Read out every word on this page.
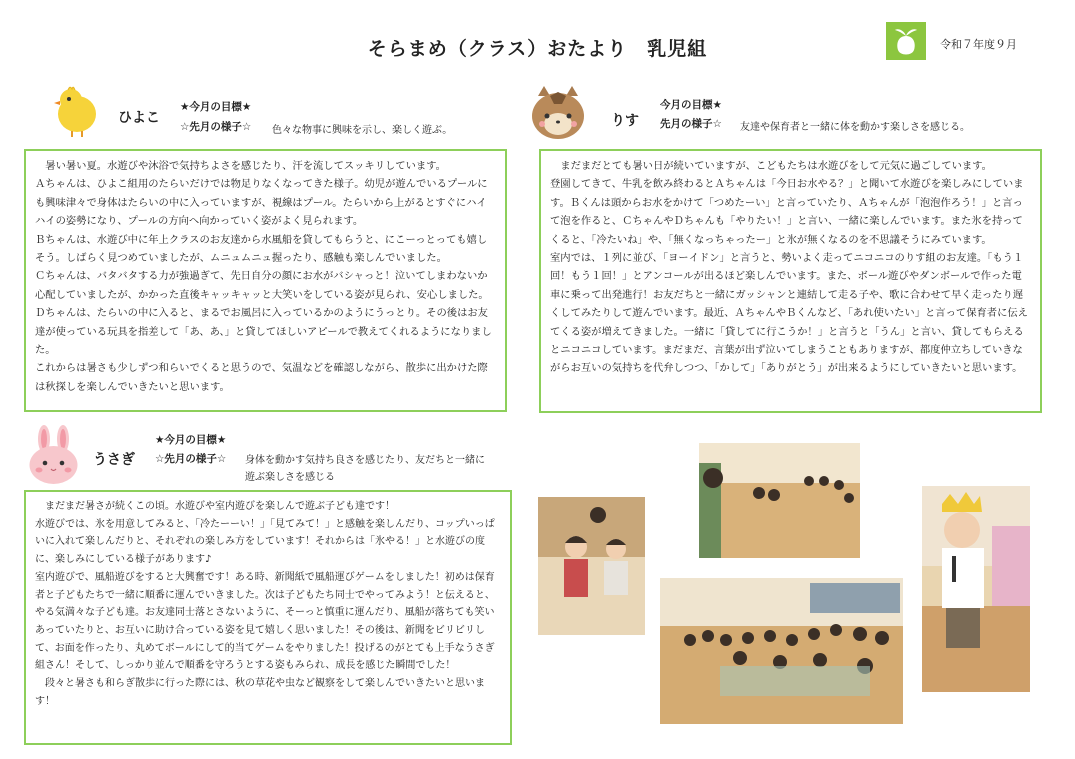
そらまめ（クラス）おたより　乳児組	令和７年度９月
ひよこ
★今月の目標★
☆先月の様子☆ 色々な物事に興味を示し、楽しく遊ぶ。

　暑い暑い夏。水遊びや沐浴で気持ちよさを感じたり、汗を流してスッキリしています。

Ａちゃんは、ひよこ組用のたらいだけでは物足りなくなってきた様子。幼児が遊んでいるプールにも興味津々で身体はたらいの中に入っていますが、視線はプール。たらいから上がるとすぐにハイハイの姿勢になり、プールの方向へ向かっていく姿がよく見られます。

Ｂちゃんは、水遊び中に年上クラスのお友達から水風船を貸してもらうと、にこーっとっても嬉しそう。しばらく見つめていましたが、ムニュムニュ握ったり、感触も楽しんでいました。

Ｃちゃんは、バタバタする力が強過ぎて、先日自分の顔にお水がバシャっと！泣いてしまわないか心配していましたが、かかった直後キャッキャッと大笑いをしている姿が見られ、安心しました。

Ｄちゃんは、たらいの中に入ると、まるでお風呂に入っているかのようにうっとり。その後はお友達が使っている玩具を指差して「あ、あ、」と貸してほしいアピールで教えてくれるようになりました。

これからは暑さも少しずつ和らいでくると思うので、気温などを確認しながら、散歩に出かけた際は秋探しを楽しんでいきたいと思います。

りす
今月の目標★
先月の様子☆ 友達や保育者と一緒に体を動かす楽しさを感じる。

　まだまだとても暑い日が続いていますが、こどもたちは水遊びをして元気に過ごしています。

登園してきて、牛乳を飲み終わるとＡちゃんは「今日お水やる？」と聞いて水遊びを楽しみにしています。Ｂくんは頭からお水をかけて「つめたーい」と言っていたり、Ａちゃんが「泡泡作ろう！」と言って泡を作ると、ＣちゃんやＤちゃんも「やりたい！」と言い、一緒に楽しんでいます。また氷を持ってくると、「冷たいね」や、「無くなっちゃったー」と氷が無くなるのを不思議そうにみています。

室内では、１列に並び、「ヨーイドン」と言うと、勢いよく走ってニコニコのりす組のお友達。「もう１回！もう１回！」とアンコールが出るほど楽しんでいます。また、ボール遊びやダンボールで作った電車に乗って出発進行！お友だちと一緒にガッシャンと連結して走る子や、歌に合わせて早く走ったり遅くしてみたりして遊んでいます。最近、ＡちゃんやＢくんなど、「あれ使いたい」と言って保育者に伝えてくる姿が増えてきました。一緒に「貸してに行こうか！」と言うと「うん」と言い、貸してもらえるとニコニコしています。まだまだ、言葉が出ず泣いてしまうこともありますが、都度仲立ちしていきながらお互いの気持ちを代弁しつつ、「かして」「ありがとう」が出来るようにしていきたいと思います。

うさぎ
★今月の目標★
☆先月の様子☆ 身体を動かす気持ち良さを感じたり、友だちと一緒に遊ぶ楽しさを感じる

　まだまだ暑さが続くこの頃。水遊びや室内遊びを楽しんで遊ぶ子ども達です！

水遊びでは、氷を用意してみると、「冷たーーい！」「見てみて！」と感触を楽しんだり、コップいっぱいに入れて楽しんだりと、それぞれの楽しみ方をしています！それからは「氷やる！」と水遊びの度に、楽しみにしている様子があります♪

室内遊びで、風船遊びをすると大興奮です！ある時、新聞紙で風船運びゲームをしました！初めは保育者と子どもたちで一緒に順番に運んでいきました。次は子どもたち同士でやってみよう！と伝えると、やる気満々な子ども達。お友達同士落とさないように、そーっと慎重に運んだり、風船が落ちても笑いあっていたりと、お互いに助け合っている姿を見て嬉しく思いました！その後は、新聞をビリビリして、お面を作ったり、丸めてボールにして的当てゲームをやりました！投げるのがとても上手なうさぎ組さん！そして、しっかり並んで順番を守ろうとする姿もみられ、成長を感じた瞬間でした！

　段々と暑さも和らぎ散歩に行った際には、秋の草花や虫など観察をして楽しんでいきたいと思います！
